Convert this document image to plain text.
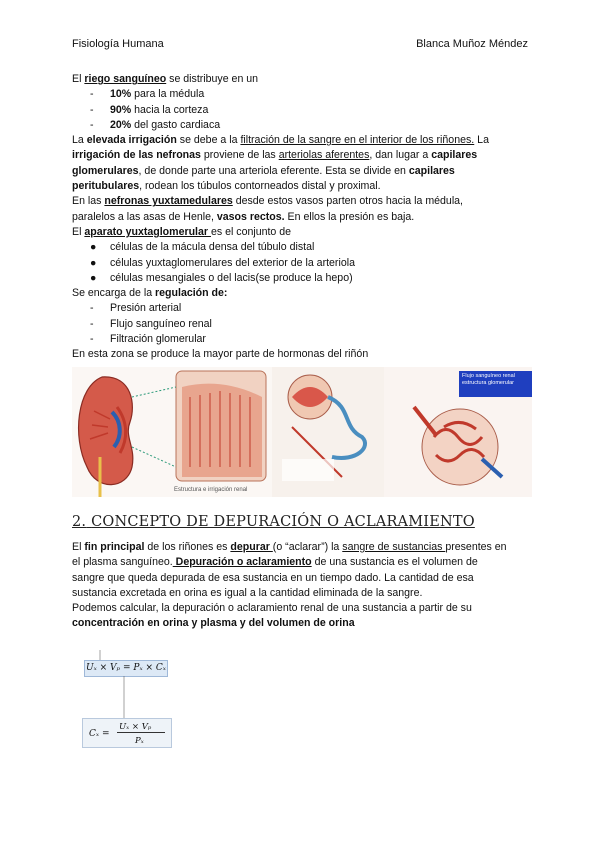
Fisiología Humana	Blanca Muñoz Méndez
El riego sanguíneo se distribuye en un
- 10% para la médula
- 90% hacia la corteza
- 20% del gasto cardiaca
La elevada irrigación se debe a la filtración de la sangre en el interior de los riñones. La
irrigación de las nefronas proviene de las arteriolas aferentes, dan lugar a capilares
glomerulares, de donde parte una arteriola eferente. Esta se divide en capilares
peritubulares, rodean los túbulos contorneados distal y proximal.
En las nefronas yuxtamedulares desde estos vasos parten otros hacia la médula,
paralelos a las asas de Henle, vasos rectos. En ellos la presión es baja.
El aparato yuxtaglomerular es el conjunto de
● células de la mácula densa del túbulo distal
● células yuxtaglomerulares del exterior de la arteriola
● células mesangiales o del lacis(se produce la hepo)
Se encarga de la regulación de:
- Presión arterial
- Flujo sanguíneo renal
- Filtración glomerular
En esta zona se produce la mayor parte de hormonas del riñón
Estructura e irrigación renal
Flujo sanguíneo renal
estructura glomerular
2. CONCEPTO DE DEPURACIÓN O ACLARAMIENTO
El fin principal de los riñones es depurar (o “aclarar”) la sangre de sustancias presentes en
el plasma sanguíneo. Depuración o aclaramiento de una sustancia es el volumen de
sangre que queda depurada de esa sustancia en un tiempo dado. La cantidad de esa
sustancia excretada en orina es igual a la cantidad eliminada de la sangre.
Podemos calcular, la depuración o aclaramiento renal de una sustancia a partir de su
concentración en orina y plasma y del volumen de orina
Uₓ × Vₚ = Pₓ × Cₓ
Cₓ =
Uₓ × Vₚ
Pₓ
